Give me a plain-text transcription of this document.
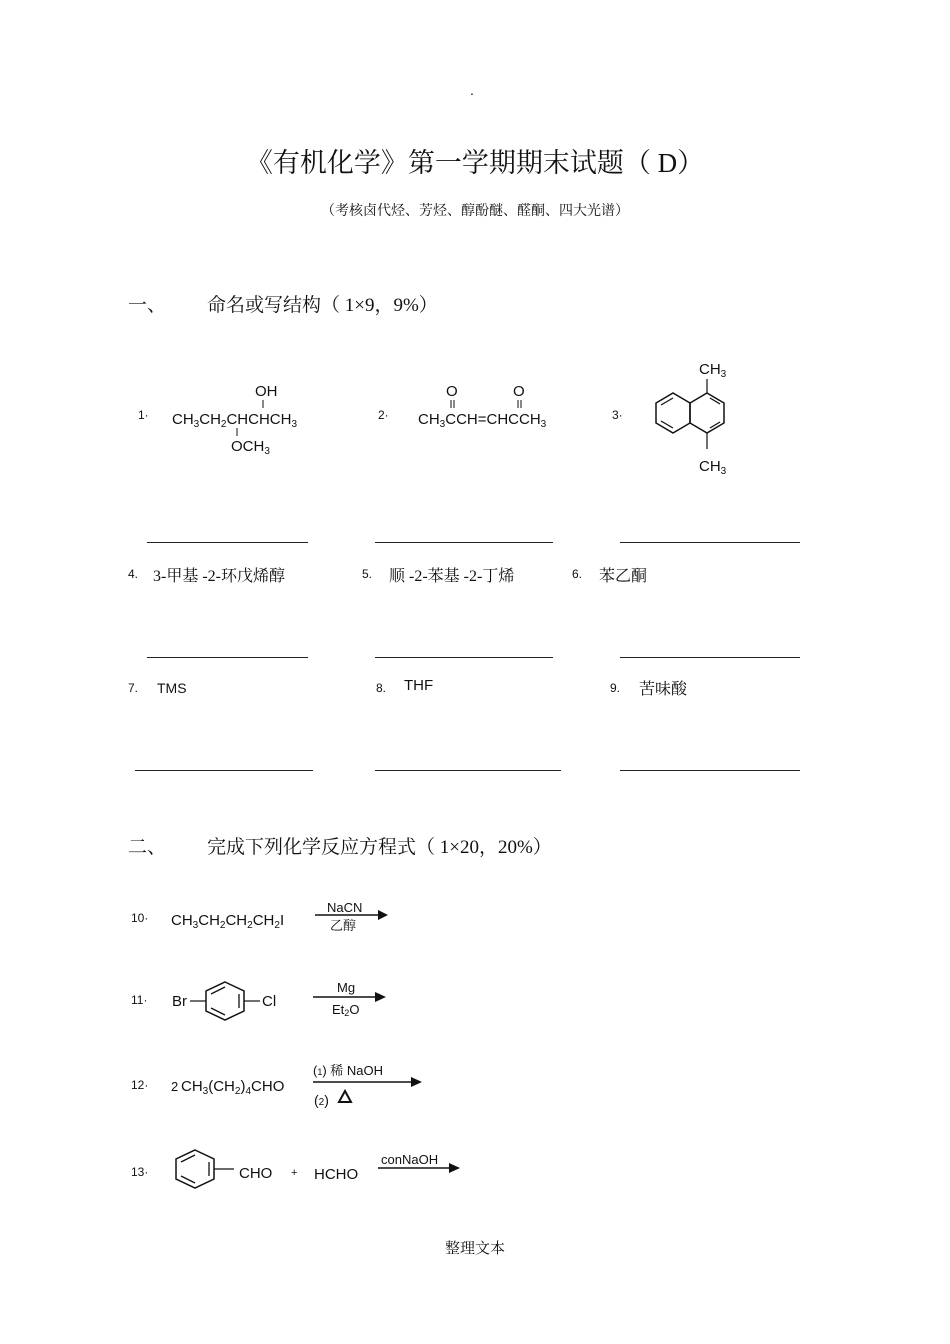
.
《有机化学》第一学期期末试题（ D）
（考核卤代烃、芳烃、醇酚醚、醛酮、四大光谱）
一、 命名或写结构（ 1×9，9%）
1·	2·	3·
OH
$CH_3CH_2CHCHCH_3$
$OCH_3$
O	O
$CH_3CCH=CHCCH_3$
$CH_3$
$CH_3$
4. 3-甲基 -2-环戊烯醇	5. 顺 -2-苯基 -2-丁烯	6. 苯乙酮
7. TMS	8. THF	9. 苦味酸
二、 完成下列化学反应方程式（ 1×20，20%）
$10\cdot CH_3CH_2CH_2CH_2I$
NaCN
乙醇
11· Br	Cl
Mg
Et2O
12· 2 $CH_3(CH_2)_4CHO$
(1) 稀 NaOH
(2)
13·	CHO + HCHO
conNaOH
整理文本
